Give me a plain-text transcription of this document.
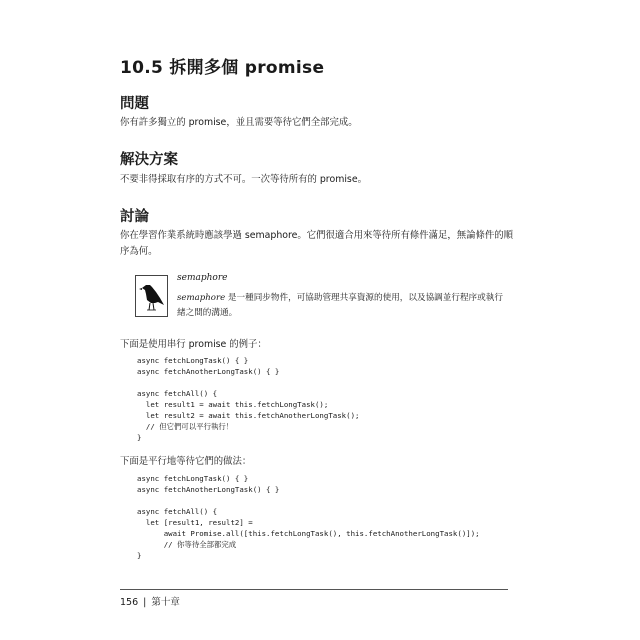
10.5 拆開多個 promise
問題
你有許多獨立的 promise，並且需要等待它們全部完成。
解決方案
不要非得採取有序的方式不可。一次等待所有的 promise。
討論
你在學習作業系統時應該學過 semaphore。它們很適合用來等待所有條件滿足，無論條件的順序為何。
semaphore
semaphore 是一種同步物件，可協助管理共享資源的使用，以及協調並行程序或執行緒之間的溝通。
下面是使用串行 promise 的例子：
async fetchLongTask() { }
async fetchAnotherLongTask() { }

async fetchAll() {
let result1 = await this.fetchLongTask();
let result2 = await this.fetchAnotherLongTask();
// 但它們可以平行執行！
}
下面是平行地等待它們的做法：
async fetchLongTask() { }
async fetchAnotherLongTask() { }

async fetchAll() {
let [result1, result2] =
await Promise.all([this.fetchLongTask(), this.fetchAnotherLongTask()]);
// 你等待全部都完成
}
156 | 第十章
